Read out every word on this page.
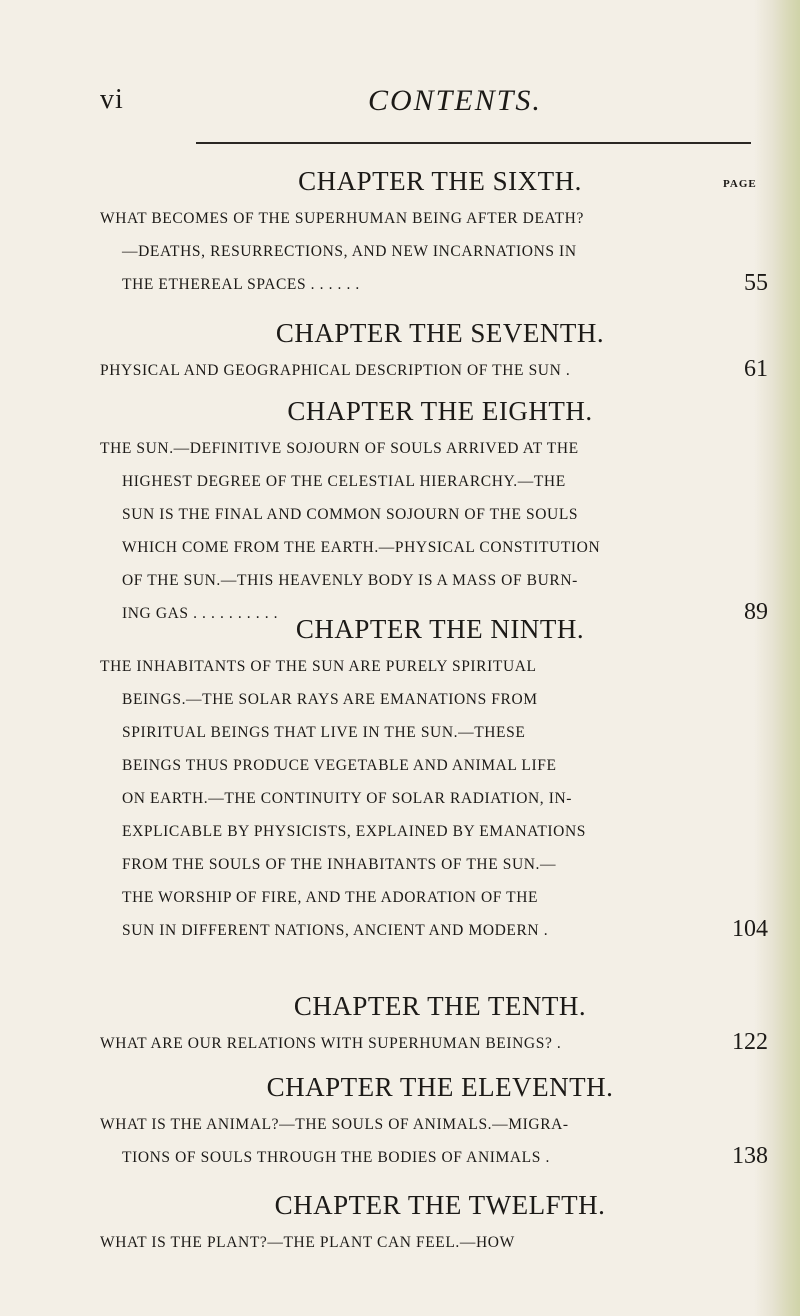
vi	CONTENTS.
PAGE
CHAPTER THE SIXTH.
WHAT BECOMES OF THE SUPERHUMAN BEING AFTER DEATH?
—DEATHS, RESURRECTIONS, AND NEW INCARNATIONS IN
THE ETHEREAL SPACES . . . . . .	55
CHAPTER THE SEVENTH.
PHYSICAL AND GEOGRAPHICAL DESCRIPTION OF THE SUN .	61
CHAPTER THE EIGHTH.
THE SUN.—DEFINITIVE SOJOURN OF SOULS ARRIVED AT THE
HIGHEST DEGREE OF THE CELESTIAL HIERARCHY.—THE
SUN IS THE FINAL AND COMMON SOJOURN OF THE SOULS
WHICH COME FROM THE EARTH.—PHYSICAL CONSTITUTION
OF THE SUN.—THIS HEAVENLY BODY IS A MASS OF BURN-
ING GAS . . . . . . . . . .	89
CHAPTER THE NINTH.
THE INHABITANTS OF THE SUN ARE PURELY SPIRITUAL
BEINGS.—THE SOLAR RAYS ARE EMANATIONS FROM
SPIRITUAL BEINGS THAT LIVE IN THE SUN.—THESE
BEINGS THUS PRODUCE VEGETABLE AND ANIMAL LIFE
ON EARTH.—THE CONTINUITY OF SOLAR RADIATION, IN-
EXPLICABLE BY PHYSICISTS, EXPLAINED BY EMANATIONS
FROM THE SOULS OF THE INHABITANTS OF THE SUN.—
THE WORSHIP OF FIRE, AND THE ADORATION OF THE
SUN IN DIFFERENT NATIONS, ANCIENT AND MODERN .	104
CHAPTER THE TENTH.
WHAT ARE OUR RELATIONS WITH SUPERHUMAN BEINGS? .	122
CHAPTER THE ELEVENTH.
WHAT IS THE ANIMAL?—THE SOULS OF ANIMALS.—MIGRA-
TIONS OF SOULS THROUGH THE BODIES OF ANIMALS .	138
CHAPTER THE TWELFTH.
WHAT IS THE PLANT?—THE PLANT CAN FEEL.—HOW
